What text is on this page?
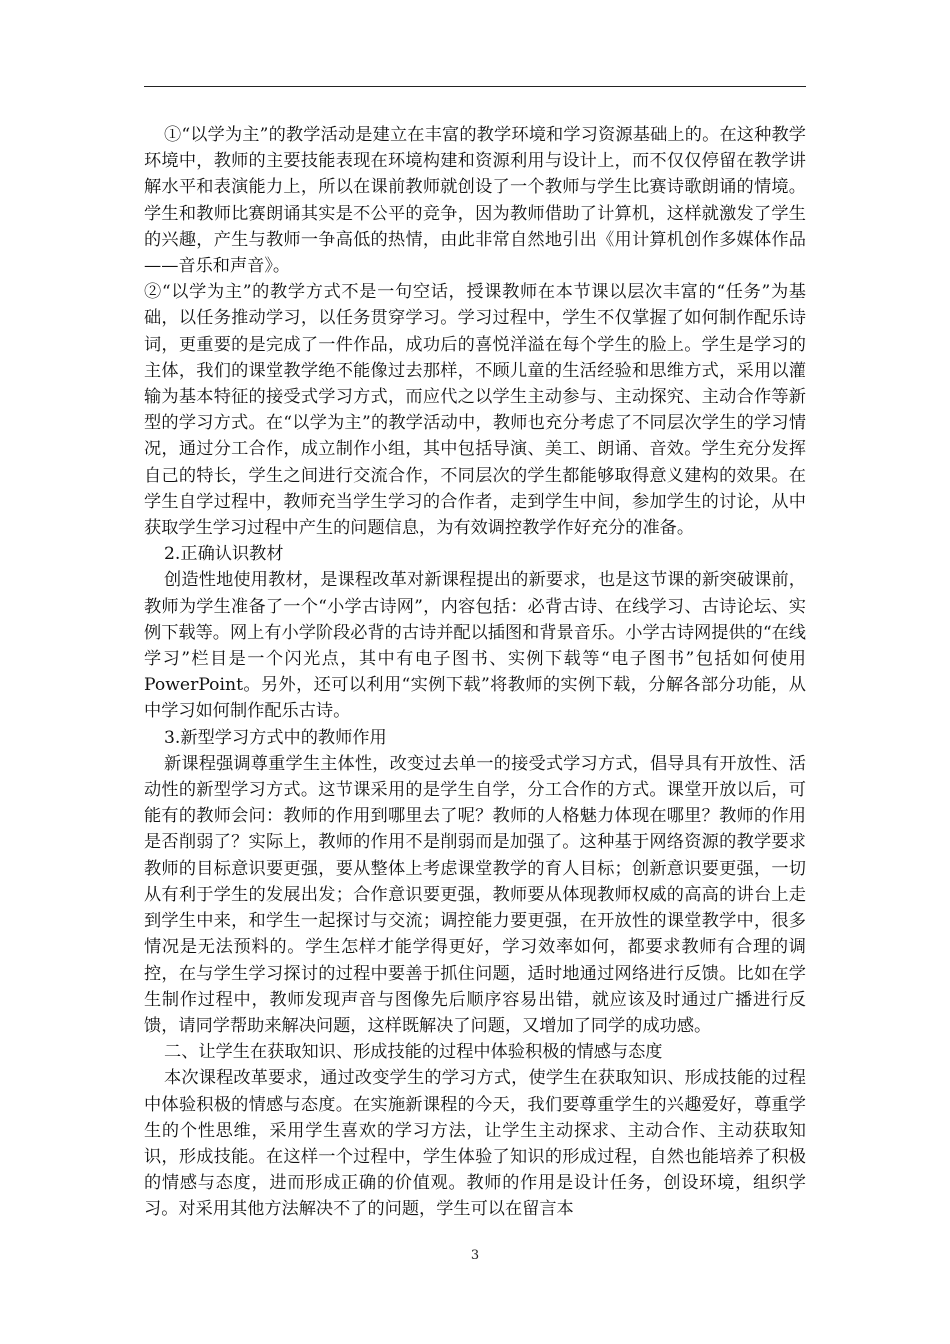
①“以学为主”的教学活动是建立在丰富的教学环境和学习资源基础上的。在这种教学环境中，教师的主要技能表现在环境构建和资源利用与设计上，而不仅仅停留在教学讲解水平和表演能力上，所以在课前教师就创设了一个教师与学生比赛诗歌朗诵的情境。学生和教师比赛朗诵其实是不公平的竞争，因为教师借助了计算机，这样就激发了学生的兴趣，产生与教师一争高低的热情，由此非常自然地引出《用计算机创作多媒体作品——音乐和声音》。

②“以学为主”的教学方式不是一句空话，授课教师在本节课以层次丰富的“任务”为基础，以任务推动学习，以任务贯穿学习。学习过程中，学生不仅掌握了如何制作配乐诗词，更重要的是完成了一件作品，成功后的喜悦洋溢在每个学生的脸上。学生是学习的主体，我们的课堂教学绝不能像过去那样，不顾儿童的生活经验和思维方式，采用以灌输为基本特征的接受式学习方式，而应代之以学生主动参与、主动探究、主动合作等新型的学习方式。在“以学为主”的教学活动中，教师也充分考虑了不同层次学生的学习情况，通过分工合作，成立制作小组，其中包括导演、美工、朗诵、音效。学生充分发挥自己的特长，学生之间进行交流合作，不同层次的学生都能够取得意义建构的效果。在学生自学过程中，教师充当学生学习的合作者，走到学生中间，参加学生的讨论，从中获取学生学习过程中产生的问题信息，为有效调控教学作好充分的准备。

2.正确认识教材

创造性地使用教材，是课程改革对新课程提出的新要求，也是这节课的新突破课前，教师为学生准备了一个“小学古诗网”，内容包括：必背古诗、在线学习、古诗论坛、实例下载等。网上有小学阶段必背的古诗并配以插图和背景音乐。小学古诗网提供的“在线学习”栏目是一个闪光点，其中有电子图书、实例下载等“电子图书”包括如何使用PowerPoint。另外，还可以利用“实例下载”将教师的实例下载，分解各部分功能，从中学习如何制作配乐古诗。

3.新型学习方式中的教师作用

新课程强调尊重学生主体性，改变过去单一的接受式学习方式，倡导具有开放性、活动性的新型学习方式。这节课采用的是学生自学，分工合作的方式。课堂开放以后，可能有的教师会问：教师的作用到哪里去了呢？教师的人格魅力体现在哪里？教师的作用是否削弱了？实际上，教师的作用不是削弱而是加强了。这种基于网络资源的教学要求教师的目标意识要更强，要从整体上考虑课堂教学的育人目标；创新意识要更强，一切从有利于学生的发展出发；合作意识要更强，教师要从体现教师权威的高高的讲台上走到学生中来，和学生一起探讨与交流；调控能力要更强，在开放性的课堂教学中，很多情况是无法预料的。学生怎样才能学得更好，学习效率如何，都要求教师有合理的调控，在与学生学习探讨的过程中要善于抓住问题，适时地通过网络进行反馈。比如在学生制作过程中，教师发现声音与图像先后顺序容易出错，就应该及时通过广播进行反馈，请同学帮助来解决问题，这样既解决了问题，又增加了同学的成功感。

二、让学生在获取知识、形成技能的过程中体验积极的情感与态度

本次课程改革要求，通过改变学生的学习方式，使学生在获取知识、形成技能的过程中体验积极的情感与态度。在实施新课程的今天，我们要尊重学生的兴趣爱好，尊重学生的个性思维，采用学生喜欢的学习方法，让学生主动探求、主动合作、主动获取知识，形成技能。在这样一个过程中，学生体验了知识的形成过程，自然也能培养了积极的情感与态度，进而形成正确的价值观。教师的作用是设计任务，创设环境，组织学习。对采用其他方法解决不了的问题，学生可以在留言本

3
